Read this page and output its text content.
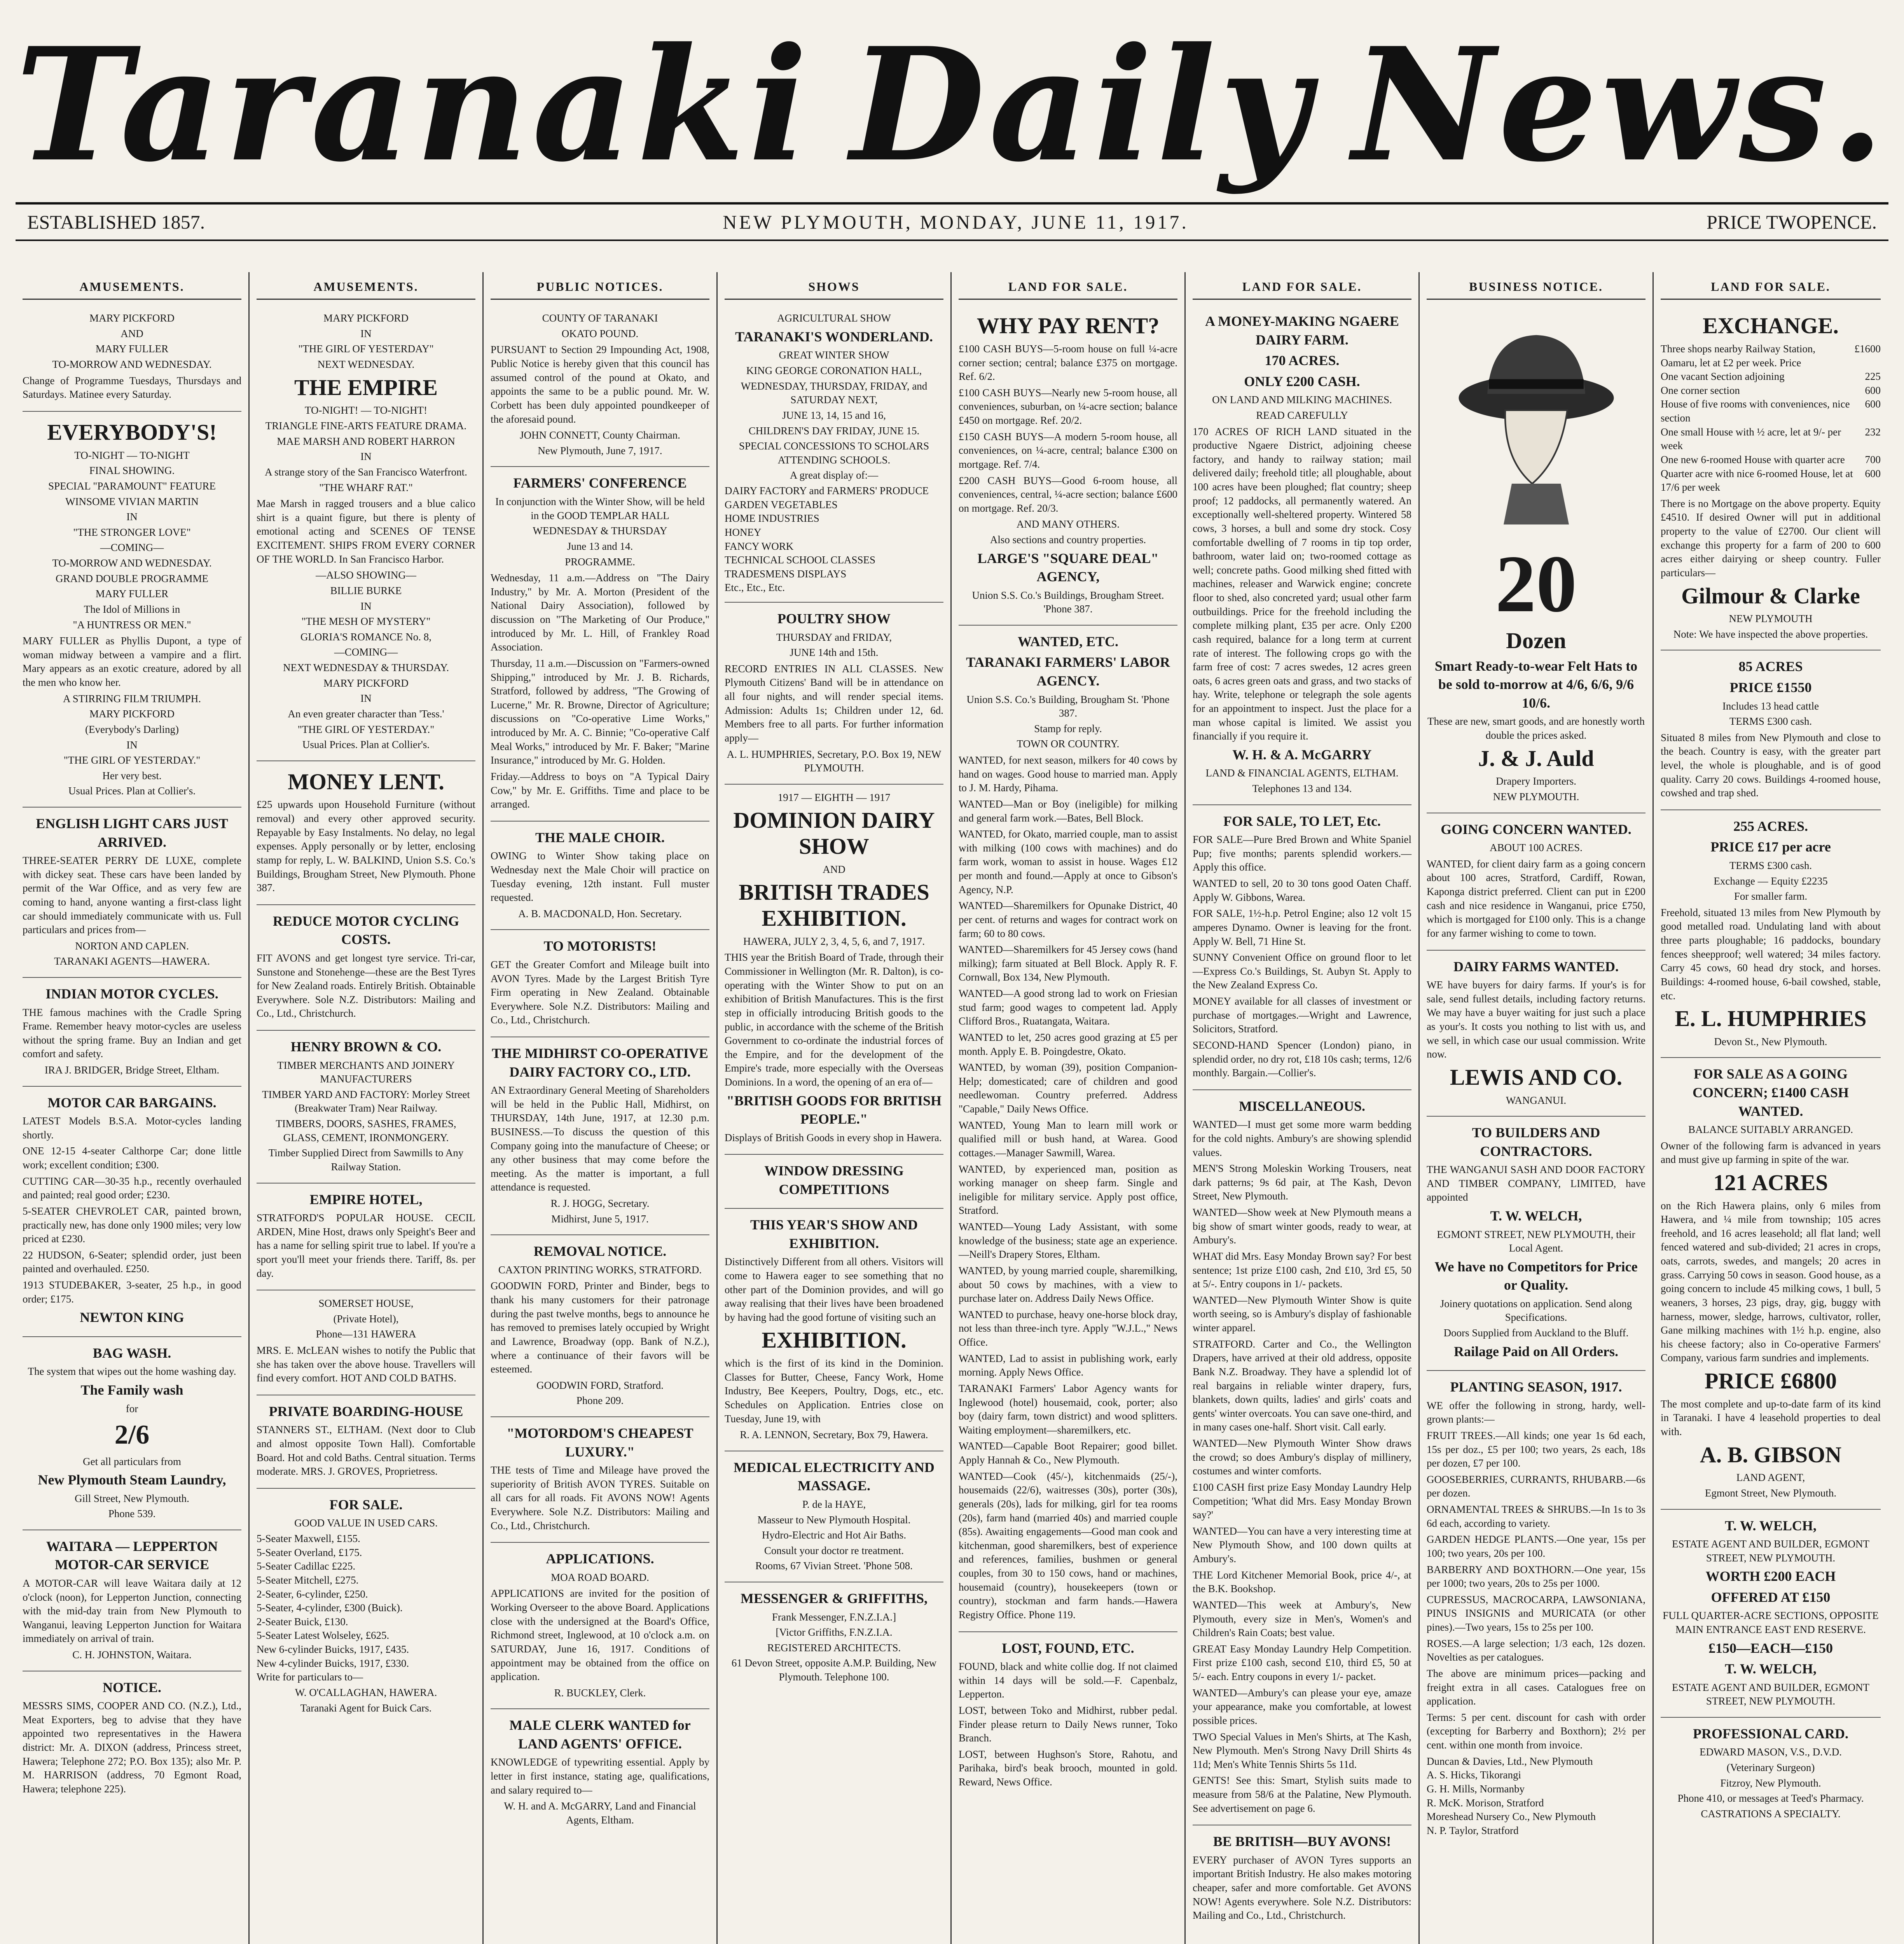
Taranaki Daily News.
ESTABLISHED 1857.	NEW PLYMOUTH, MONDAY, JUNE 11, 1917.	PRICE TWOPENCE.
AMUSEMENTS.
MARY PICKFORD
AND
MARY FULLER
TO-MORROW AND WEDNESDAY.

Change of Programme Tuesdays, Thursdays and Saturdays. Matinee every Saturday.

EVERYBODY'S!
TO-NIGHT — TO-NIGHT
FINAL SHOWING.
SPECIAL "PARAMOUNT" FEATURE
WINSOME VIVIAN MARTIN
IN
"THE STRONGER LOVE"
—COMING—
TO-MORROW AND WEDNESDAY.
GRAND DOUBLE PROGRAMME
MARY FULLER
The Idol of Millions in
"A HUNTRESS OR MEN."

MARY FULLER as Phyllis Dupont, a type of woman midway between a vampire and a flirt. Mary appears as an exotic creature, adored by all the men who know her.

A STIRRING FILM TRIUMPH.
MARY PICKFORD
(Everybody's Darling)
IN
"THE GIRL OF YESTERDAY."
Her very best.
Usual Prices. Plan at Collier's.
ENGLISH LIGHT CARS JUST ARRIVED.

THREE-SEATER PERRY DE LUXE, complete with dickey seat. These cars have been landed by permit of the War Office, and as very few are coming to hand, anyone wanting a first-class light car should immediately communicate with us. Full particulars and prices from—

NORTON AND CAPLEN.
TARANAKI AGENTS—HAWERA.
INDIAN MOTOR CYCLES.

THE famous machines with the Cradle Spring Frame. Remember heavy motor-cycles are useless without the spring frame. Buy an Indian and get comfort and safety.

IRA J. BRIDGER, Bridge Street, Eltham.
MOTOR CAR BARGAINS.

LATEST Models B.S.A. Motor-cycles landing shortly.

ONE 12-15 4-seater Calthorpe Car; done little work; excellent condition; £300.

CUTTING CAR—30-35 h.p., recently overhauled and painted; real good order; £230.

5-SEATER CHEVROLET CAR, painted brown, practically new, has done only 1900 miles; very low priced at £230.

22 HUDSON, 6-Seater; splendid order, just been painted and overhauled. £250.

1913 STUDEBAKER, 3-seater, 25 h.p., in good order; £175.

NEWTON KING
BAG WASH.
The system that wipes out the home washing day.
The Family wash
for
2/6
Get all particulars from
New Plymouth Steam Laundry,
Gill Street, New Plymouth.
Phone 539.
WAITARA — LEPPERTON MOTOR-CAR SERVICE

A MOTOR-CAR will leave Waitara daily at 12 o'clock (noon), for Lepperton Junction, connecting with the mid-day train from New Plymouth to Wanganui, leaving Lepperton Junction for Waitara immediately on arrival of train.

C. H. JOHNSTON, Waitara.
NOTICE.

MESSRS SIMS, COOPER AND CO. (N.Z.), Ltd., Meat Exporters, beg to advise that they have appointed two representatives in the Hawera district: Mr. A. DIXON (address, Princess street, Hawera; Telephone 272; P.O. Box 135); also Mr. P. M. HARRISON (address, 70 Egmont Road, Hawera; telephone 225).

AMUSEMENTS.
MARY PICKFORD
IN
"THE GIRL OF YESTERDAY"
NEXT WEDNESDAY.
THE EMPIRE
TO-NIGHT! — TO-NIGHT!
TRIANGLE FINE-ARTS FEATURE DRAMA.
MAE MARSH AND ROBERT HARRON
IN
A strange story of the San Francisco Waterfront.
"THE WHARF RAT."

Mae Marsh in ragged trousers and a blue calico shirt is a quaint figure, but there is plenty of emotional acting and SCENES OF TENSE EXCITEMENT. SHIPS FROM EVERY CORNER OF THE WORLD. In San Francisco Harbor.

—ALSO SHOWING—
BILLIE BURKE
IN
"THE MESH OF MYSTERY"
GLORIA'S ROMANCE No. 8,
—COMING—
NEXT WEDNESDAY & THURSDAY.
MARY PICKFORD
IN
An even greater character than 'Tess.'
"THE GIRL OF YESTERDAY."
Usual Prices. Plan at Collier's.
MONEY LENT.

£25 upwards upon Household Furniture (without removal) and every other approved security. Repayable by Easy Instalments. No delay, no legal expenses. Apply personally or by letter, enclosing stamp for reply, L. W. BALKIND, Union S.S. Co.'s Buildings, Brougham Street, New Plymouth. Phone 387.

REDUCE MOTOR CYCLING COSTS.

FIT AVONS and get longest tyre service. Tri-car, Sunstone and Stonehenge—these are the Best Tyres for New Zealand roads. Entirely British. Obtainable Everywhere. Sole N.Z. Distributors: Mailing and Co., Ltd., Christchurch.

HENRY BROWN & CO.
TIMBER MERCHANTS AND JOINERY MANUFACTURERS
TIMBER YARD AND FACTORY: Morley Street (Breakwater Tram) Near Railway.
TIMBERS, DOORS, SASHES, FRAMES, GLASS, CEMENT, IRONMONGERY.
Timber Supplied Direct from Sawmills to Any Railway Station.
EMPIRE HOTEL,

STRATFORD'S POPULAR HOUSE. CECIL ARDEN, Mine Host, draws only Speight's Beer and has a name for selling spirit true to label. If you're a sport you'll meet your friends there. Tariff, 8s. per day.

SOMERSET HOUSE,
(Private Hotel),
Phone—131 HAWERA

MRS. E. McLEAN wishes to notify the Public that she has taken over the above house. Travellers will find every comfort. HOT AND COLD BATHS.

PRIVATE BOARDING-HOUSE

STANNERS ST., ELTHAM. (Next door to Club and almost opposite Town Hall). Comfortable Board. Hot and cold Baths. Central situation. Terms moderate. MRS. J. GROVES, Proprietress.

FOR SALE.
GOOD VALUE IN USED CARS.
5-Seater Maxwell, £155.
5-Seater Overland, £175.
5-Seater Cadillac £225.
5-Seater Mitchell, £275.
2-Seater, 6-cylinder, £250.
5-Seater, 4-cylinder, £300 (Buick).
2-Seater Buick, £130.
5-Seater Latest Wolseley, £625.
New 6-cylinder Buicks, 1917, £435.
New 4-cylinder Buicks, 1917, £330.
Write for particulars to—
W. O'CALLAGHAN, HAWERA.
Taranaki Agent for Buick Cars.
PUBLIC NOTICES.
COUNTY OF TARANAKI
OKATO POUND.

PURSUANT to Section 29 Impounding Act, 1908, Public Notice is hereby given that this council has assumed control of the pound at Okato, and appoints the same to be a public pound. Mr. W. Corbett has been duly appointed poundkeeper of the aforesaid pound.

JOHN CONNETT, County Chairman.
New Plymouth, June 7, 1917.
FARMERS' CONFERENCE
In conjunction with the Winter Show, will be held in the GOOD TEMPLAR HALL
WEDNESDAY & THURSDAY
June 13 and 14.
PROGRAMME.

Wednesday, 11 a.m.—Address on "The Dairy Industry," by Mr. A. Morton (President of the National Dairy Association), followed by discussion on "The Marketing of Our Produce," introduced by Mr. L. Hill, of Frankley Road Association.

Thursday, 11 a.m.—Discussion on "Farmers-owned Shipping," introduced by Mr. J. B. Richards, Stratford, followed by address, "The Growing of Lucerne," Mr. R. Browne, Director of Agriculture; discussions on "Co-operative Lime Works," introduced by Mr. A. C. Binnie; "Co-operative Calf Meal Works," introduced by Mr. F. Baker; "Marine Insurance," introduced by Mr. G. Holden.

Friday.—Address to boys on "A Typical Dairy Cow," by Mr. E. Griffiths. Time and place to be arranged.

THE MALE CHOIR.

OWING to Winter Show taking place on Wednesday next the Male Choir will practice on Tuesday evening, 12th instant. Full muster requested.

A. B. MACDONALD, Hon. Secretary.
TO MOTORISTS!

GET the Greater Comfort and Mileage built into AVON Tyres. Made by the Largest British Tyre Firm operating in New Zealand. Obtainable Everywhere. Sole N.Z. Distributors: Mailing and Co., Ltd., Christchurch.

THE MIDHIRST CO-OPERATIVE DAIRY FACTORY CO., LTD.

AN Extraordinary General Meeting of Shareholders will be held in the Public Hall, Midhirst, on THURSDAY, 14th June, 1917, at 12.30 p.m. BUSINESS.—To discuss the question of this Company going into the manufacture of Cheese; or any other business that may come before the meeting. As the matter is important, a full attendance is requested.

R. J. HOGG, Secretary.
Midhirst, June 5, 1917.
REMOVAL NOTICE.
CAXTON PRINTING WORKS, STRATFORD.

GOODWIN FORD, Printer and Binder, begs to thank his many customers for their patronage during the past twelve months, begs to announce he has removed to premises lately occupied by Wright and Lawrence, Broadway (opp. Bank of N.Z.), where a continuance of their favors will be esteemed.

GOODWIN FORD, Stratford.
Phone 209.
"MOTORDOM'S CHEAPEST LUXURY."

THE tests of Time and Mileage have proved the superiority of British AVON TYRES. Suitable on all cars for all roads. Fit AVONS NOW! Agents Everywhere. Sole N.Z. Distributors: Mailing and Co., Ltd., Christchurch.

APPLICATIONS.
MOA ROAD BOARD.

APPLICATIONS are invited for the position of Working Overseer to the above Board. Applications close with the undersigned at the Board's Office, Richmond street, Inglewood, at 10 o'clock a.m. on SATURDAY, June 16, 1917. Conditions of appointment may be obtained from the office on application.

R. BUCKLEY, Clerk.
MALE CLERK WANTED for LAND AGENTS' OFFICE.

KNOWLEDGE of typewriting essential. Apply by letter in first instance, stating age, qualifications, and salary required to—

W. H. and A. McGARRY, Land and Financial Agents, Eltham.
SHOWS
AGRICULTURAL SHOW
TARANAKI'S WONDERLAND.
GREAT WINTER SHOW
KING GEORGE CORONATION HALL,
WEDNESDAY, THURSDAY, FRIDAY, and SATURDAY NEXT,
JUNE 13, 14, 15 and 16,
CHILDREN'S DAY FRIDAY, JUNE 15.
SPECIAL CONCESSIONS TO SCHOLARS ATTENDING SCHOOLS.
A great display of:—
DAIRY FACTORY and FARMERS' PRODUCE
GARDEN VEGETABLES
HOME INDUSTRIES
HONEY
FANCY WORK
TECHNICAL SCHOOL CLASSES
TRADESMENS DISPLAYS
Etc., Etc., Etc.
POULTRY SHOW
THURSDAY and FRIDAY,
JUNE 14th and 15th.

RECORD ENTRIES IN ALL CLASSES. New Plymouth Citizens' Band will be in attendance on all four nights, and will render special items. Admission: Adults 1s; Children under 12, 6d. Members free to all parts. For further information apply—

A. L. HUMPHRIES, Secretary, P.O. Box 19, NEW PLYMOUTH.
1917 — EIGHTH — 1917
DOMINION DAIRY SHOW
AND
BRITISH TRADES EXHIBITION.
HAWERA, JULY 2, 3, 4, 5, 6, and 7, 1917.

THIS year the British Board of Trade, through their Commissioner in Wellington (Mr. R. Dalton), is co-operating with the Winter Show to put on an exhibition of British Manufactures. This is the first step in officially introducing British goods to the public, in accordance with the scheme of the British Government to co-ordinate the industrial forces of the Empire, and for the development of the Empire's trade, more especially with the Overseas Dominions. In a word, the opening of an era of—

"BRITISH GOODS FOR BRITISH PEOPLE."

Displays of British Goods in every shop in Hawera.

WINDOW DRESSING COMPETITIONS
THIS YEAR'S SHOW AND EXHIBITION.

Distinctively Different from all others. Visitors will come to Hawera eager to see something that no other part of the Dominion provides, and will go away realising that their lives have been broadened by having had the good fortune of visiting such an

EXHIBITION.

which is the first of its kind in the Dominion. Classes for Butter, Cheese, Fancy Work, Home Industry, Bee Keepers, Poultry, Dogs, etc., etc. Schedules on Application. Entries close on Tuesday, June 19, with

R. A. LENNON, Secretary, Box 79, Hawera.
MEDICAL ELECTRICITY AND MASSAGE.
P. de la HAYE,
Masseur to New Plymouth Hospital.
Hydro-Electric and Hot Air Baths.
Consult your doctor re treatment.
Rooms, 67 Vivian Street. 'Phone 508.
MESSENGER & GRIFFITHS,
Frank Messenger, F.N.Z.I.A.]
[Victor Griffiths, F.N.Z.I.A.
REGISTERED ARCHITECTS.
61 Devon Street, opposite A.M.P. Building, New Plymouth. Telephone 100.
LAND FOR SALE.
WHY PAY RENT?

£100 CASH BUYS—5-room house on full ¼-acre corner section; central; balance £375 on mortgage. Ref. 6/2.

£100 CASH BUYS—Nearly new 5-room house, all conveniences, suburban, on ¼-acre section; balance £450 on mortgage. Ref. 20/2.

£150 CASH BUYS—A modern 5-room house, all conveniences, on ¼-acre, central; balance £300 on mortgage. Ref. 7/4.

£200 CASH BUYS—Good 6-room house, all conveniences, central, ¼-acre section; balance £600 on mortgage. Ref. 20/3.

AND MANY OTHERS.
Also sections and country properties.
LARGE'S "SQUARE DEAL" AGENCY,
Union S.S. Co.'s Buildings, Brougham Street. 'Phone 387.
WANTED, ETC.
TARANAKI FARMERS' LABOR AGENCY.
Union S.S. Co.'s Building, Brougham St. 'Phone 387.
Stamp for reply.
TOWN OR COUNTRY.

WANTED, for next season, milkers for 40 cows by hand on wages. Good house to married man. Apply to J. M. Hardy, Pihama.

WANTED—Man or Boy (ineligible) for milking and general farm work.—Bates, Bell Block.

WANTED, for Okato, married couple, man to assist with milking (100 cows with machines) and do farm work, woman to assist in house. Wages £12 per month and found.—Apply at once to Gibson's Agency, N.P.

WANTED—Sharemilkers for Opunake District, 40 per cent. of returns and wages for contract work on farm; 60 to 80 cows.

WANTED—Sharemilkers for 45 Jersey cows (hand milking); farm situated at Bell Block. Apply R. F. Cornwall, Box 134, New Plymouth.

WANTED—A good strong lad to work on Friesian stud farm; good wages to competent lad. Apply Clifford Bros., Ruatangata, Waitara.

WANTED to let, 250 acres good grazing at £5 per month. Apply E. B. Poingdestre, Okato.

WANTED, by woman (39), position Companion-Help; domesticated; care of children and good needlewoman. Country preferred. Address "Capable," Daily News Office.

WANTED, Young Man to learn mill work or qualified mill or bush hand, at Warea. Good cottages.—Manager Sawmill, Warea.

WANTED, by experienced man, position as working manager on sheep farm. Single and ineligible for military service. Apply post office, Stratford.

WANTED—Young Lady Assistant, with some knowledge of the business; state age an experience.—Neill's Drapery Stores, Eltham.

WANTED, by young married couple, sharemilking, about 50 cows by machines, with a view to purchase later on. Address Daily News Office.

WANTED to purchase, heavy one-horse block dray, not less than three-inch tyre. Apply "W.J.L.," News Office.

WANTED, Lad to assist in publishing work, early morning. Apply News Office.

TARANAKI Farmers' Labor Agency wants for Inglewood (hotel) housemaid, cook, porter; also boy (dairy farm, town district) and wood splitters. Waiting employment—sharemilkers, etc.

WANTED—Capable Boot Repairer; good billet. Apply Hannah & Co., New Plymouth.

WANTED—Cook (45/-), kitchenmaids (25/-), housemaids (22/6), waitresses (30s), porter (30s), generals (20s), lads for milking, girl for tea rooms (20s), farm hand (married 40s) and married couple (85s). Awaiting engagements—Good man cook and kitchenman, good sharemilkers, best of experience and references, families, bushmen or general couples, from 30 to 150 cows, hand or machines, housemaid (country), housekeepers (town or country), stockman and farm hands.—Hawera Registry Office. Phone 119.

LOST, FOUND, ETC.

FOUND, black and white collie dog. If not claimed within 14 days will be sold.—F. Capenbalz, Lepperton.

LOST, between Toko and Midhirst, rubber pedal. Finder please return to Daily News runner, Toko Branch.

LOST, between Hughson's Store, Rahotu, and Parihaka, bird's beak brooch, mounted in gold. Reward, News Office.

LAND FOR SALE.
A MONEY-MAKING NGAERE DAIRY FARM.
170 ACRES.
ONLY £200 CASH.
ON LAND AND MILKING MACHINES.
READ CAREFULLY

170 ACRES OF RICH LAND situated in the productive Ngaere District, adjoining cheese factory, and handy to railway station; mail delivered daily; freehold title; all ploughable, about 100 acres have been ploughed; flat country; sheep proof; 12 paddocks, all permanently watered. An exceptionally well-sheltered property. Wintered 58 cows, 3 horses, a bull and some dry stock. Cosy comfortable dwelling of 7 rooms in tip top order, bathroom, water laid on; two-roomed cottage as well; concrete paths. Good milking shed fitted with machines, releaser and Warwick engine; concrete floor to shed, also concreted yard; usual other farm outbuildings. Price for the freehold including the complete milking plant, £35 per acre. Only £200 cash required, balance for a long term at current rate of interest. The following crops go with the farm free of cost: 7 acres swedes, 12 acres green oats, 6 acres green oats and grass, and two stacks of hay. Write, telephone or telegraph the sole agents for an appointment to inspect. Just the place for a man whose capital is limited. We assist you financially if you require it.

W. H. & A. McGARRY
LAND & FINANCIAL AGENTS, ELTHAM.
Telephones 13 and 134.
FOR SALE, TO LET, Etc.

FOR SALE—Pure Bred Brown and White Spaniel Pup; five months; parents splendid workers.—Apply this office.

WANTED to sell, 20 to 30 tons good Oaten Chaff. Apply W. Gibbons, Warea.

FOR SALE, 1½-h.p. Petrol Engine; also 12 volt 15 amperes Dynamo. Owner is leaving for the front. Apply W. Bell, 71 Hine St.

SUNNY Convenient Office on ground floor to let—Express Co.'s Buildings, St. Aubyn St. Apply to the New Zealand Express Co.

MONEY available for all classes of investment or purchase of mortgages.—Wright and Lawrence, Solicitors, Stratford.

SECOND-HAND Spencer (London) piano, in splendid order, no dry rot, £18 10s cash; terms, 12/6 monthly. Bargain.—Collier's.

MISCELLANEOUS.

WANTED—I must get some more warm bedding for the cold nights. Ambury's are showing splendid values.

MEN'S Strong Moleskin Working Trousers, neat dark patterns; 9s 6d pair, at The Kash, Devon Street, New Plymouth.

WANTED—Show week at New Plymouth means a big show of smart winter goods, ready to wear, at Ambury's.

WHAT did Mrs. Easy Monday Brown say? For best sentence; 1st prize £100 cash, 2nd £10, 3rd £5, 50 at 5/-. Entry coupons in 1/- packets.

WANTED—New Plymouth Winter Show is quite worth seeing, so is Ambury's display of fashionable winter apparel.

STRATFORD. Carter and Co., the Wellington Drapers, have arrived at their old address, opposite Bank N.Z. Broadway. They have a splendid lot of real bargains in reliable winter drapery, furs, blankets, down quilts, ladies' and girls' coats and gents' winter overcoats. You can save one-third, and in many cases one-half. Short visit. Call early.

WANTED—New Plymouth Winter Show draws the crowd; so does Ambury's display of millinery, costumes and winter comforts.

£100 CASH first prize Easy Monday Laundry Help Competition; 'What did Mrs. Easy Monday Brown say?'

WANTED—You can have a very interesting time at New Plymouth Show, and 100 down quilts at Ambury's.

THE Lord Kitchener Memorial Book, price 4/-, at the B.K. Bookshop.

WANTED—This week at Ambury's, New Plymouth, every size in Men's, Women's and Children's Rain Coats; best value.

GREAT Easy Monday Laundry Help Competition. First prize £100 cash, second £10, third £5, 50 at 5/- each. Entry coupons in every 1/- packet.

WANTED—Ambury's can please your eye, amaze your appearance, make you comfortable, at lowest possible prices.

TWO Special Values in Men's Shirts, at The Kash, New Plymouth. Men's Strong Navy Drill Shirts 4s 11d; Men's White Tennis Shirts 5s 11d.

GENTS! See this: Smart, Stylish suits made to measure from 58/6 at the Palatine, New Plymouth. See advertisement on page 6.

BE BRITISH—BUY AVONS!

EVERY purchaser of AVON Tyres supports an important British Industry. He also makes motoring cheaper, safer and more comfortable. Get AVONS NOW! Agents everywhere. Sole N.Z. Distributors: Mailing and Co., Ltd., Christchurch.

BUSINESS NOTICE.
20
Dozen
Smart Ready-to-wear Felt Hats to be sold to-morrow at 4/6, 6/6, 9/6 10/6.
These are new, smart goods, and are honestly worth double the prices asked.
J. & J. Auld
Drapery Importers.
NEW PLYMOUTH.
GOING CONCERN WANTED.
ABOUT 100 ACRES.

WANTED, for client dairy farm as a going concern about 100 acres, Stratford, Cardiff, Rowan, Kaponga district preferred. Client can put in £200 cash and nice residence in Wanganui, price £750, which is mortgaged for £100 only. This is a change for any farmer wishing to come to town.

DAIRY FARMS WANTED.

WE have buyers for dairy farms. If your's is for sale, send fullest details, including factory returns. We may have a buyer waiting for just such a place as your's. It costs you nothing to list with us, and we sell, in which case our usual commission. Write now.

LEWIS AND CO.
WANGANUI.
TO BUILDERS AND CONTRACTORS.

THE WANGANUI SASH AND DOOR FACTORY AND TIMBER COMPANY, LIMITED, have appointed

T. W. WELCH,
EGMONT STREET, NEW PLYMOUTH, their Local Agent.
We have no Competitors for Price or Quality.
Joinery quotations on application. Send along Specifications.
Doors Supplied from Auckland to the Bluff.
Railage Paid on All Orders.
PLANTING SEASON, 1917.

WE offer the following in strong, hardy, well-grown plants:—

FRUIT TREES.—All kinds; one year 1s 6d each, 15s per doz., £5 per 100; two years, 2s each, 18s per dozen, £7 per 100.

GOOSEBERRIES, CURRANTS, RHUBARB.—6s per dozen.

ORNAMENTAL TREES & SHRUBS.—In 1s to 3s 6d each, according to variety.

GARDEN HEDGE PLANTS.—One year, 15s per 100; two years, 20s per 100.

BARBERRY AND BOXTHORN.—One year, 15s per 1000; two years, 20s to 25s per 1000.

CUPRESSUS, MACROCARPA, LAWSONIANA, PINUS INSIGNIS and MURICATA (or other pines).—Two years, 15s to 25s per 100.

ROSES.—A large selection; 1/3 each, 12s dozen. Novelties as per catalogues.

The above are minimum prices—packing and freight extra in all cases. Catalogues free on application.

Terms: 5 per cent. discount for cash with order (excepting for Barberry and Boxthorn); 2½ per cent. within one month from invoice.

Duncan & Davies, Ltd., New Plymouth
A. S. Hicks, Tikorangi
G. H. Mills, Normanby
R. McK. Morison, Stratford
Moreshead Nursery Co., New Plymouth
N. P. Taylor, Stratford
LAND FOR SALE.
EXCHANGE.
Three shops nearby Railway Station, Oamaru, let at £2 per week. Price
£1600
One vacant Section adjoining	225
One corner section	600
House of five rooms with conveniences, nice section
600
One small House with ½ acre, let at 9/- per week
232
One new 6-roomed House with quarter acre 700
Quarter acre with nice 6-roomed House, let at 17/6 per week
600

There is no Mortgage on the above property. Equity £4510. If desired Owner will put in additional property to the value of £2700. Our client will exchange this property for a farm of 200 to 600 acres either dairying or sheep country. Fuller particulars—

Gilmour & Clarke
NEW PLYMOUTH
Note: We have inspected the above properties.
85 ACRES
PRICE £1550
Includes 13 head cattle
TERMS £300 cash.

Situated 8 miles from New Plymouth and close to the beach. Country is easy, with the greater part level, the whole is ploughable, and is of good quality. Carry 20 cows. Buildings 4-roomed house, cowshed and trap shed.

255 ACRES.
PRICE £17 per acre
TERMS £300 cash.
Exchange — Equity £2235
For smaller farm.

Freehold, situated 13 miles from New Plymouth by good metalled road. Undulating land with about three parts ploughable; 16 paddocks, boundary fences sheepproof; well watered; 34 miles factory. Carry 45 cows, 60 head dry stock, and horses. Buildings: 4-roomed house, 6-bail cowshed, stable, etc.

E. L. HUMPHRIES
Devon St., New Plymouth.
FOR SALE AS A GOING CONCERN; £1400 CASH WANTED.
BALANCE SUITABLY ARRANGED.

Owner of the following farm is advanced in years and must give up farming in spite of the war.

121 ACRES

on the Rich Hawera plains, only 6 miles from Hawera, and ¼ mile from township; 105 acres freehold, and 16 acres leasehold; all flat land; well fenced watered and sub-divided; 21 acres in crops, oats, carrots, swedes, and mangels; 20 acres in grass. Carrying 50 cows in season. Good house, as a going concern to include 45 milking cows, 1 bull, 5 weaners, 3 horses, 23 pigs, dray, gig, buggy with harness, mower, sledge, harrows, cultivator, roller, Gane milking machines with 1½ h.p. engine, also his cheese factory; also in Co-operative Farmers' Company, various farm sundries and implements.

PRICE £6800

The most complete and up-to-date farm of its kind in Taranaki. I have 4 leasehold properties to deal with.

A. B. GIBSON
LAND AGENT,
Egmont Street, New Plymouth.
T. W. WELCH,
ESTATE AGENT AND BUILDER, EGMONT STREET, NEW PLYMOUTH.
WORTH £200 EACH
OFFERED AT £150
FULL QUARTER-ACRE SECTIONS, OPPOSITE MAIN ENTRANCE EAST END RESERVE.
£150—EACH—£150
T. W. WELCH,
ESTATE AGENT AND BUILDER, EGMONT STREET, NEW PLYMOUTH.
PROFESSIONAL CARD.
EDWARD MASON, V.S., D.V.D.
(Veterinary Surgeon)
Fitzroy, New Plymouth.
Phone 410, or messages at Teed's Pharmacy.
CASTRATIONS A SPECIALTY.
